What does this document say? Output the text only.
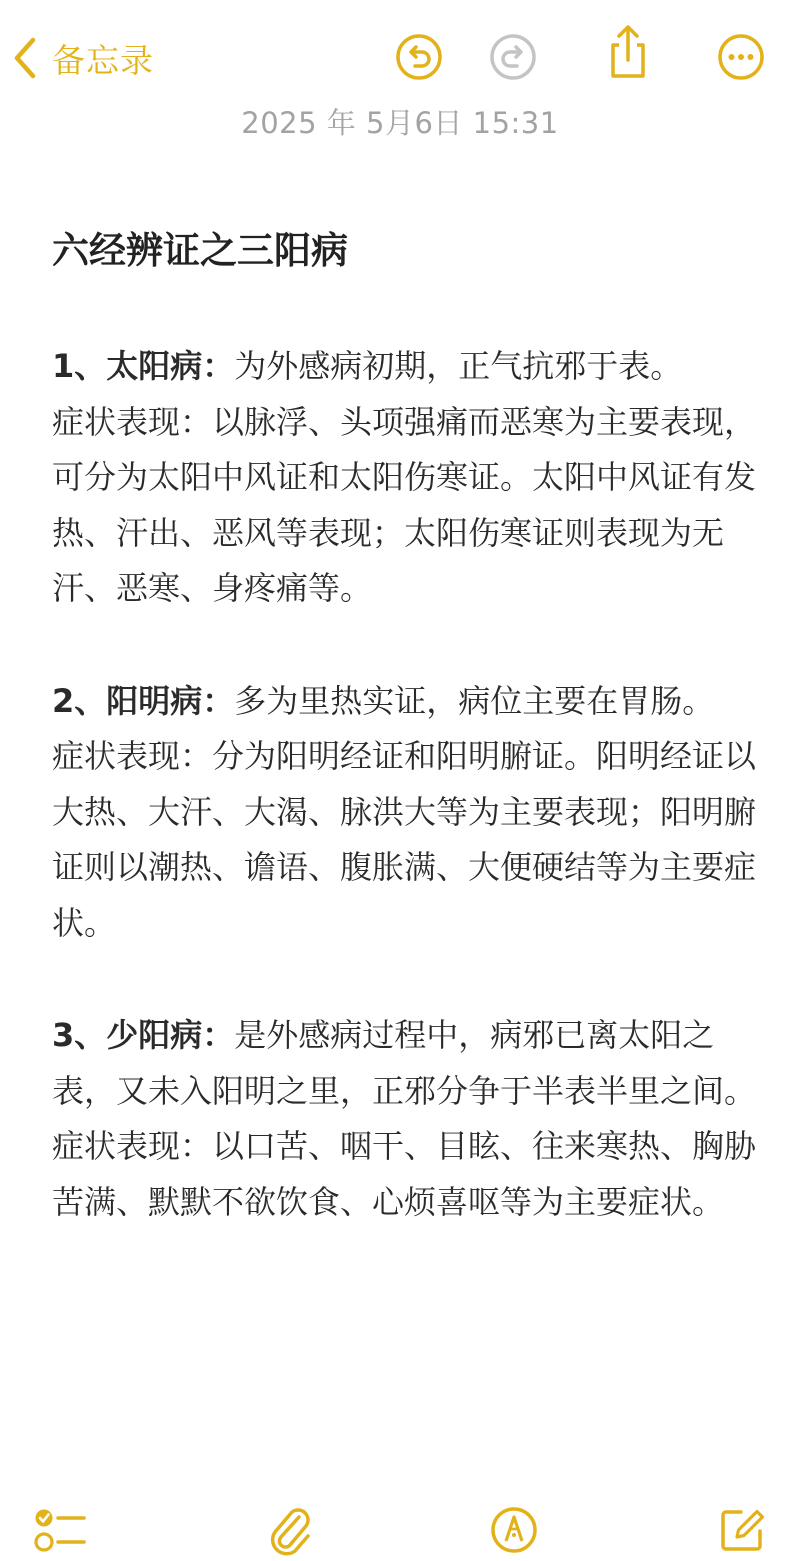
备忘录
2025 年 5月6日 15:31
六经辨证之三阳病

1、太阳病：为外感病初期，正气抗邪于表。

症状表现：以脉浮、头项强痛而恶寒为主要表现，可分为太阳中风证和太阳伤寒证。太阳中风证有发热、汗出、恶风等表现；太阳伤寒证则表现为无汗、恶寒、身疼痛等。

2、阳明病：多为里热实证，病位主要在胃肠。

症状表现：分为阳明经证和阳明腑证。阳明经证以大热、大汗、大渴、脉洪大等为主要表现；阳明腑证则以潮热、谵语、腹胀满、大便硬结等为主要症状。

3、少阳病：是外感病过程中，病邪已离太阳之表，又未入阳明之里，正邪分争于半表半里之间。

症状表现：以口苦、咽干、目眩、往来寒热、胸胁苦满、默默不欲饮食、心烦喜呕等为主要症状。
